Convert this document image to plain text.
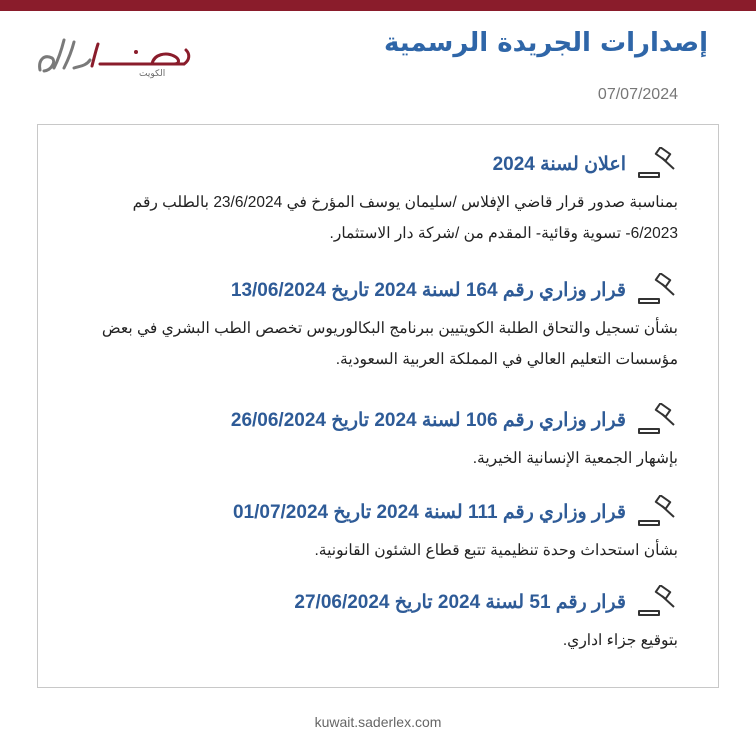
الكويت
إصدارات الجريدة الرسمية
07/07/2024
اعلان لسنة 2024
بمناسبة صدور قرار قاضي الإفلاس /سليمان يوسف المؤرخ في 23/6/2024 بالطلب رقم 6/2023- تسوية وقائية- المقدم من /شركة دار الاستثمار.
قرار وزاري رقم 164 لسنة 2024 تاريخ 13/06/2024
بشأن تسجيل والتحاق الطلبة الكويتيين ببرنامج البكالوريوس تخصص الطب البشري في بعض مؤسسات التعليم العالي في المملكة العربية السعودية.
قرار وزاري رقم 106 لسنة 2024 تاريخ 26/06/2024
بإشهار الجمعية الإنسانية الخيرية.
قرار وزاري رقم 111 لسنة 2024 تاريخ 01/07/2024
بشأن استحداث وحدة تنظيمية تتبع قطاع الشئون القانونية.
قرار رقم 51 لسنة 2024 تاريخ 27/06/2024
بتوقيع جزاء اداري.
kuwait.saderlex.com
